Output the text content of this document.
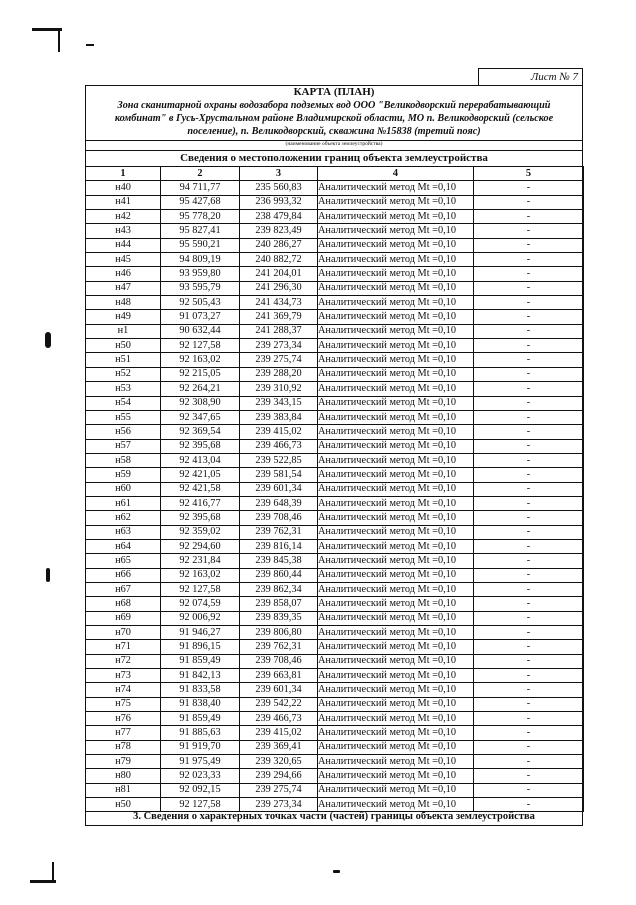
Лист № 7
КАРТА (ПЛАН)
Зона сканитарной охраны водозабора подземых вод ООО "Великодворский перерабатывающий комбинат" в Гусь-Хрустальном районе Владимирской области, МО п. Великодворский (сельское поселение), п. Великодворский, скважина №15838 (третий пояс)
(наименование объекта землеустройства)
Сведения о местоположении границ объекта землеустройства
1	2	3	4	5
н40	94 711,77	235 560,83	Аналитический метод Mt =0,10	-
н41	95 427,68	236 993,32	Аналитический метод Mt =0,10	-
н42	95 778,20	238 479,84	Аналитический метод Mt =0,10	-
н43	95 827,41	239 823,49	Аналитический метод Mt =0,10	-
н44	95 590,21	240 286,27	Аналитический метод Mt =0,10	-
н45	94 809,19	240 882,72	Аналитический метод Mt =0,10	-
н46	93 959,80	241 204,01	Аналитический метод Mt =0,10	-
н47	93 595,79	241 296,30	Аналитический метод Mt =0,10	-
н48	92 505,43	241 434,73	Аналитический метод Mt =0,10	-
н49	91 073,27	241 369,79	Аналитический метод Mt =0,10	-
н1	90 632,44	241 288,37	Аналитический метод Mt =0,10	-
н50	92 127,58	239 273,34	Аналитический метод Mt =0,10	-
н51	92 163,02	239 275,74	Аналитический метод Mt =0,10	-
н52	92 215,05	239 288,20	Аналитический метод Mt =0,10	-
н53	92 264,21	239 310,92	Аналитический метод Mt =0,10	-
н54	92 308,90	239 343,15	Аналитический метод Mt =0,10	-
н55	92 347,65	239 383,84	Аналитический метод Mt =0,10	-
н56	92 369,54	239 415,02	Аналитический метод Mt =0,10	-
н57	92 395,68	239 466,73	Аналитический метод Mt =0,10	-
н58	92 413,04	239 522,85	Аналитический метод Mt =0,10	-
н59	92 421,05	239 581,54	Аналитический метод Mt =0,10	-
н60	92 421,58	239 601,34	Аналитический метод Mt =0,10	-
н61	92 416,77	239 648,39	Аналитический метод Mt =0,10	-
н62	92 395,68	239 708,46	Аналитический метод Mt =0,10	-
н63	92 359,02	239 762,31	Аналитический метод Mt =0,10	-
н64	92 294,60	239 816,14	Аналитический метод Mt =0,10	-
н65	92 231,84	239 845,38	Аналитический метод Mt =0,10	-
н66	92 163,02	239 860,44	Аналитический метод Mt =0,10	-
н67	92 127,58	239 862,34	Аналитический метод Mt =0,10	-
н68	92 074,59	239 858,07	Аналитический метод Mt =0,10	-
н69	92 006,92	239 839,35	Аналитический метод Mt =0,10	-
н70	91 946,27	239 806,80	Аналитический метод Mt =0,10	-
н71	91 896,15	239 762,31	Аналитический метод Mt =0,10	-
н72	91 859,49	239 708,46	Аналитический метод Mt =0,10	-
н73	91 842,13	239 663,81	Аналитический метод Mt =0,10	-
н74	91 833,58	239 601,34	Аналитический метод Mt =0,10	-
н75	91 838,40	239 542,22	Аналитический метод Mt =0,10	-
н76	91 859,49	239 466,73	Аналитический метод Mt =0,10	-
н77	91 885,63	239 415,02	Аналитический метод Mt =0,10	-
н78	91 919,70	239 369,41	Аналитический метод Mt =0,10	-
н79	91 975,49	239 320,65	Аналитический метод Mt =0,10	-
н80	92 023,33	239 294,66	Аналитический метод Mt =0,10	-
н81	92 092,15	239 275,74	Аналитический метод Mt =0,10	-
н50	92 127,58	239 273,34	Аналитический метод Mt =0,10	-
3. Сведения о характерных точках части (частей) границы объекта землеустройства
